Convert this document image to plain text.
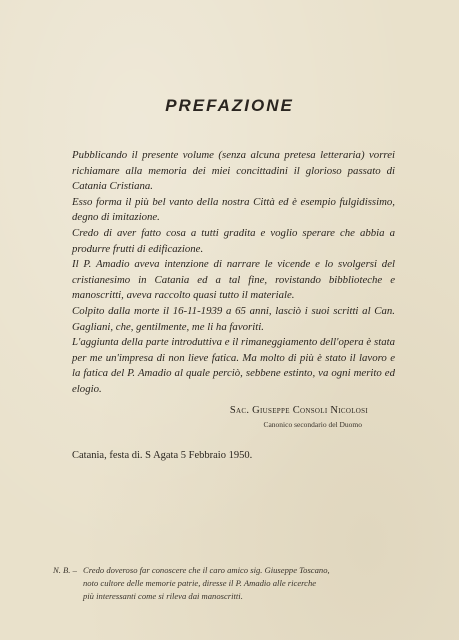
PREFAZIONE

Pubblicando il presente volume (senza alcuna pretesa letteraria) vorrei richiamare alla memoria dei miei concittadini il glorioso passato di Catania Cristiana.

Esso forma il più bel vanto della nostra Città ed è esempio fulgidissimo, degno di imitazione.

Credo di aver fatto cosa a tutti gradita e voglio sperare che abbia a produrre frutti di edificazione.

Il P. Amadio aveva intenzione di narrare le vicende e lo svolgersi del cristianesimo in Catania ed a tal fine, rovistando bibblioteche e manoscritti, aveva raccolto quasi tutto il materiale.

Colpito dalla morte il 16-11-1939 a 65 anni, lasciò i suoi scritti al Can. Gagliani, che, gentilmente, me li ha favoriti.

L'aggiunta della parte introduttiva e il rimaneggiamento dell'opera è stata per me un'impresa di non lieve fatica. Ma molto di più è stato il lavoro e la fatica del P. Amadio al quale perciò, sebbene estinto, va ogni merito ed elogio.

Sac. Giuseppe Consoli Nicolosi
Canonico secondario del Duomo
Catania, festa di. S Agata 5 Febbraio 1950.
N. B. – Credo doveroso far conoscere che il caro amico sig. Giuseppe Toscano,
noto cultore delle memorie patrie, diresse il P. Amadio alle ricerche
più interessanti come si rileva dai manoscritti.
